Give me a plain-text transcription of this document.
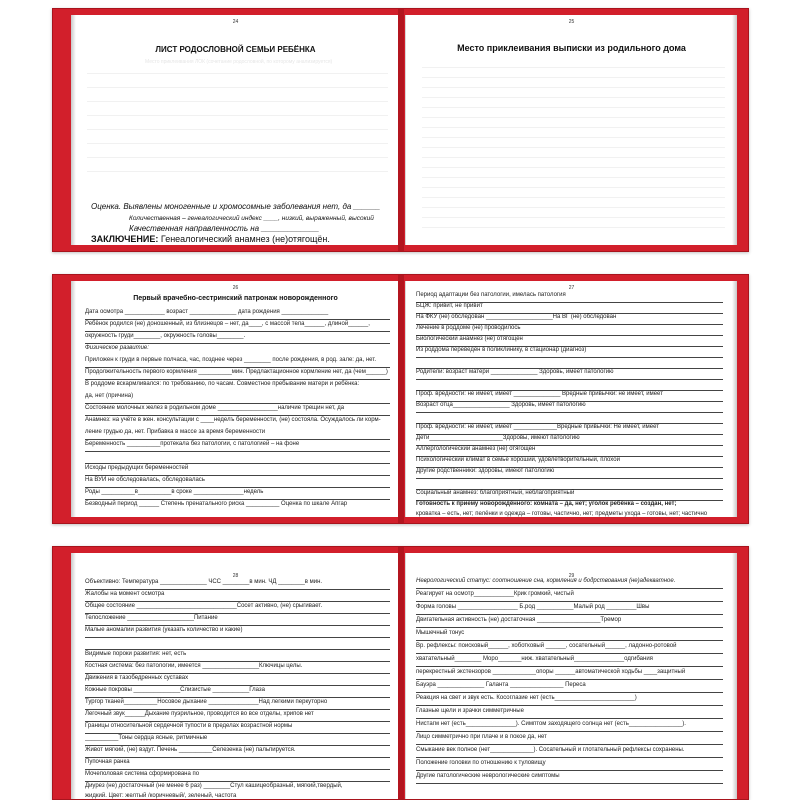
24
ЛИСТ РОДОСЛОВНОЙ СЕМЬИ РЕБЁНКА
Место приклеивания ЛОК (сочетание родословной, по которому анализируется)
Оценка. Выявлены моногенные и хромосомные заболевания нет, да ______
Количественная – генеалогический индекс ____, низкий, выраженный, высокий
Качественная направленность на _____________
ЗАКЛЮЧЕНИЕ: Генеалогический анамнез (не)отягощён.
25
Место приклеивания выписки из родильного дома
26
Первый врачебно-сестринский патронаж новорожденного
Дата осмотра ____________ возраст ______________ дата рождения ______________
Ребёнок родился (не) доношенный, из близнецов – нет, да____, с массой тела______, длиной______,
окружность груди________, окружность головы________.
Физическое развитие:
Приложен к груди в первые полчаса, час, позднее через ________ после рождения, в род. зале: да, нет.
Продолжительность первого кормления __________мин. Предлактационное кормление нет, да (чем______)
В роддоме вскармливался: по требованию, по часам. Совместное пребывание матери и ребёнка:
да, нет (причина)
Состояние молочных желез в родильном доме __________________наличие трещин нет, да
Анамнез: на учёте в жен. консультации с ____неделъ беременности, (не) состояла. Осуждалось ли корм-
ление грудью да, нет. Прибавка в массе за время беременности
Беременность __________протекала без патологии, с патологией – на фоне
Исходы предыдущих беременностей
На ВУИ не обследовалась, обследовалась
Роды __________в__________в сроке _______________недель
Безводный период ______ Степень пренатального риска __________ Оценка по шкале Апгар
27
Период адаптации без патологии, имелась патология
БЦЖ: привит, не привит
На ФКУ (не) обследован ____________________На ВГ (не) обследован
Лечение в роддоме (не) проводилось
Биологический анамнез (не) отягощен
Из роддома переведён в поликлинику, в стационар (диагноз)
Родители: возраст матери ______________ Здоровь, имеет патологию
Проф. вредности: не имеет, имеет ______________ Вредные привычки: не имеет, имеет
Возраст отца_________________ Здоровь, имеет патологию
Проф. вредности: не имеет, имеет _____________Вредные привычки: Не имеет, имеет
Дети______________________Здоровы, имеют патологию
Аллергологический анамнез (не) отягощен
Психологический климат в семье хороший, удовлетворительный, плохой
Другие родственники: здоровы, имеют патологию
Социальный анамнез: благоприятный, неблагоприятный
Готовность к приему новорождённого: комната – да, нет; уголок ребёнка – создан, нет;
кроватка – есть, нет; пелёнки и одежда – готовы, частично, нет; предметы ухода – готовы, нет; частично
28
Объективно: Температура ______________ ЧСС ________в мин. ЧД ________в мин.
Жалобы на момент осмотра
Общее состояние ______________________________Сосет активно, (не) срыгивает.
Телосложение ____________________Питание
Малые аномалии развития (указать количество и какие)
Видимые пороки развития: нет, есть
Костная система: без патологии, имеется _________________Ключицы целы.
Движения в тазобедренных суставах
Кожные покровы ______________Слизистые ___________Глаза
Тургор тканей__________Носовое дыхание _______________Над легкими перкуторно
Легочный звук______Дыхание пуэрильное, проводится во все отделы, хрипов нет
Границы относительной сердечной тупости в пределах возрастной нормы
__________Тоны сердца ясные, ритмичные
Живот мягкий, (не) вздут. Печень __________Селезенка (не) пальпируется.
Пупочная ранка
Мочеполовая система сформирована по
Диурез (не) достаточный (не менее 6 раз) ________Стул кашицеобразный, мягкий,твердый,
жидкий. Цвет: желтый /коричневый/, зеленый, частота
29
Неврологический статус: соотношение сна, кормления и бодрствования (не)адекватное.
Реагирует на осмотр____________Крик громкий, чистый
Форма головы __________________ Б.род ___________Малый род _________Швы
Двигательная активность (не) достаточная ___________________Тремор
Мышечный тонус
Вр. рефлексы: поисковый______, хоботковый ______, сосательный______, ладонно-ротовой
хватательный________ Моро_______ниж. хватательный_______________одгибания
перекрестный экстензоров _____________опоры ______автоматической ходьбы ____защитный
Бауэра ______________ Галанта ________________ Переса
Реакция на свет и звук есть. Косоглазие нет (есть________________________)
Глазные щели и зрачки симметричные
Нистагм нет (есть_______________). Симптом заходящего солнца нет (есть________________).
Лицо симметрично при плаче и в покое да, нет
Смыкание век полное (нет_____________). Сосательный и глотательный рефлексы сохранены.
Положение головки по отношению к туловищу
Другие патологические неврологические симптомы
